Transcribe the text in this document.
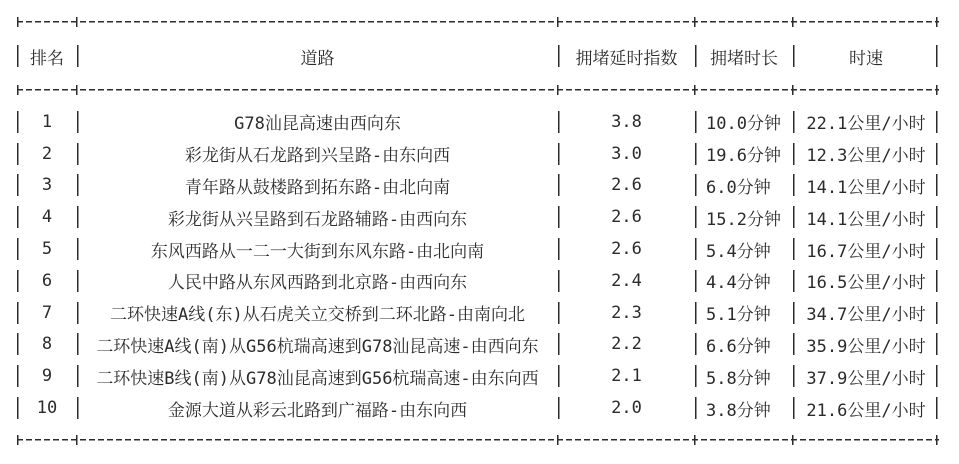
排名	道路	拥堵延时指数	拥堵时长	时速

1	G78汕昆高速由西向东	3.8	10.0分钟	22.1公里/小时
2	彩龙街从石龙路到兴呈路-由东向西	3.0	19.6分钟	12.3公里/小时
3	青年路从鼓楼路到拓东路-由北向南	2.6	6.0分钟	14.1公里/小时
4	彩龙街从兴呈路到石龙路辅路-由西向东	2.6	15.2分钟	14.1公里/小时
5	东风西路从一二一大街到东风东路-由北向南	2.6	5.4分钟	16.7公里/小时
6	人民中路从东风西路到北京路-由西向东	2.4	4.4分钟	16.5公里/小时
7	二环快速A线(东)从石虎关立交桥到二环北路-由南向北	2.3	5.1分钟	34.7公里/小时
8	二环快速A线(南)从G56杭瑞高速到G78汕昆高速-由西向东	2.2	6.6分钟	35.9公里/小时
9	二环快速B线(南)从G78汕昆高速到G56杭瑞高速-由东向西	2.1	5.8分钟	37.9公里/小时
10	金源大道从彩云北路到广福路-由东向西	2.0	3.8分钟	21.6公里/小时
